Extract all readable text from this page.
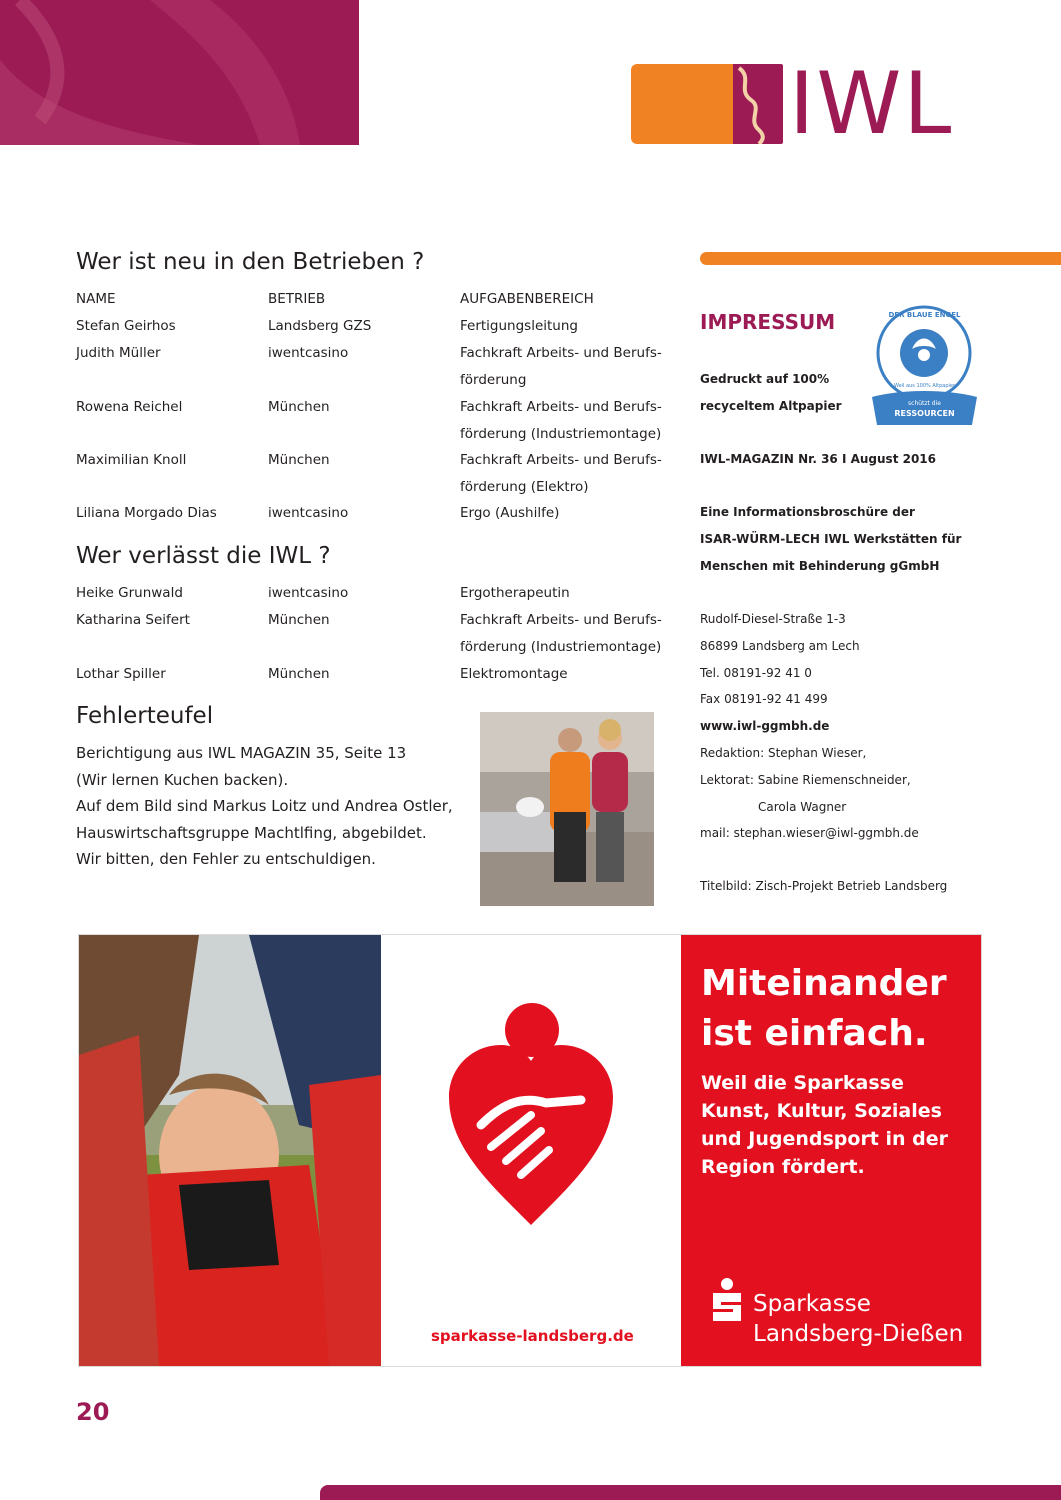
IWL
Wer ist neu in den Betrieben ?
NAME	BETRIEB	AUFGABENBEREICH
Stefan Geirhos	Landsberg GZS	Fertigungsleitung
Judith Müller	iwentcasino	Fachkraft Arbeits- und Berufs-
förderung
Rowena Reichel	München	Fachkraft Arbeits- und Berufs-
förderung (Industriemontage)
Maximilian Knoll	München	Fachkraft Arbeits- und Berufs-
förderung (Elektro)
Liliana Morgado Dias	iwentcasino	Ergo (Aushilfe)
Wer verlässt die IWL ?
Heike Grunwald	iwentcasino	Ergotherapeutin
Katharina Seifert	München	Fachkraft Arbeits- und Berufs-
förderung (Industriemontage)
Lothar Spiller	München	Elektromontage
Fehlerteufel
Berichtigung aus IWL MAGAZIN 35, Seite 13
(Wir lernen Kuchen backen).
Auf dem Bild sind Markus Loitz und Andrea Ostler,
Hauswirtschaftsgruppe Machtlfing, abgebildet.
Wir bitten, den Fehler zu entschuldigen.
IMPRESSUM
Gedruckt auf 100%
recyceltem Altpapier
IWL-MAGAZIN Nr. 36 I August 2016
Eine Informationsbroschüre der
ISAR-WÜRM-LECH IWL Werkstätten für
Menschen mit Behinderung gGmbH
Rudolf-Diesel-Straße 1-3
86899 Landsberg am Lech
Tel. 08191-92 41 0
Fax 08191-92 41 499
www.iwl-ggmbh.de
Redaktion: Stephan Wieser,
Lektorat: Sabine Riemenschneider,
Carola Wagner
mail: stephan.wieser@iwl-ggmbh.de
Titelbild: Zisch-Projekt Betrieb Landsberg
DER BLAUE ENGEL
Weil aus 100% Altpapier
schützt die
RESSOURCEN
sparkasse-landsberg.de
Miteinander
ist einfach.
Weil die Sparkasse
Kunst, Kultur, Soziales
und Jugendsport in der
Region fördert.
Sparkasse
Landsberg-Dießen
20
